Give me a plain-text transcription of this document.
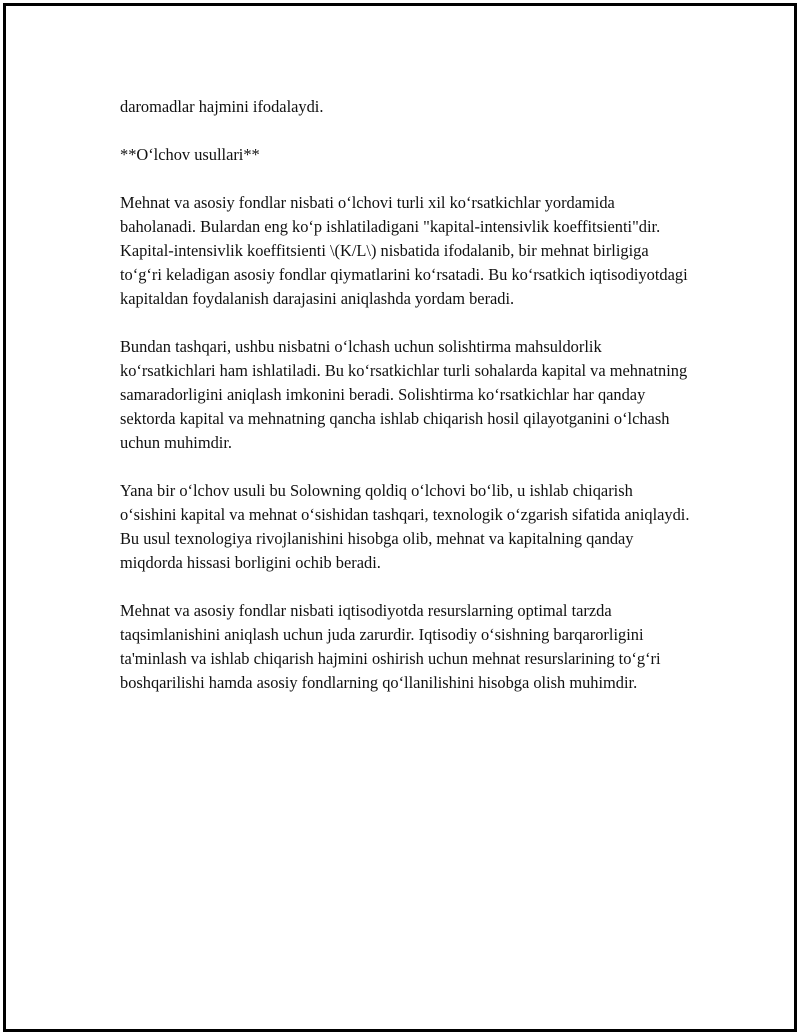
daromadlar hajmini ifodalaydi.

**O‘lchov usullari**

Mehnat va asosiy fondlar nisbati o‘lchovi turli xil ko‘rsatkichlar yordamida baholanadi. Bulardan eng ko‘p ishlatiladigani "kapital-intensivlik koeffitsienti"dir. Kapital-intensivlik koeffitsienti \(K/L\) nisbatida ifodalanib, bir mehnat birligiga to‘g‘ri keladigan asosiy fondlar qiymatlarini ko‘rsatadi. Bu ko‘rsatkich iqtisodiyotdagi kapitaldan foydalanish darajasini aniqlashda yordam beradi.

Bundan tashqari, ushbu nisbatni o‘lchash uchun solishtirma mahsuldorlik ko‘rsatkichlari ham ishlatiladi. Bu ko‘rsatkichlar turli sohalarda kapital va mehnatning samaradorligini aniqlash imkonini beradi. Solishtirma ko‘rsatkichlar har qanday sektorda kapital va mehnatning qancha ishlab chiqarish hosil qilayotganini o‘lchash uchun muhimdir.

Yana bir o‘lchov usuli bu Solowning qoldiq o‘lchovi bo‘lib, u ishlab chiqarish o‘sishini kapital va mehnat o‘sishidan tashqari, texnologik o‘zgarish sifatida aniqlaydi. Bu usul texnologiya rivojlanishini hisobga olib, mehnat va kapitalning qanday miqdorda hissasi borligini ochib beradi.

Mehnat va asosiy fondlar nisbati iqtisodiyotda resurslarning optimal tarzda taqsimlanishini aniqlash uchun juda zarurdir. Iqtisodiy o‘sishning barqarorligini ta'minlash va ishlab chiqarish hajmini oshirish uchun mehnat resurslarining to‘g‘ri boshqarilishi hamda asosiy fondlarning qo‘llanilishini hisobga olish muhimdir.
